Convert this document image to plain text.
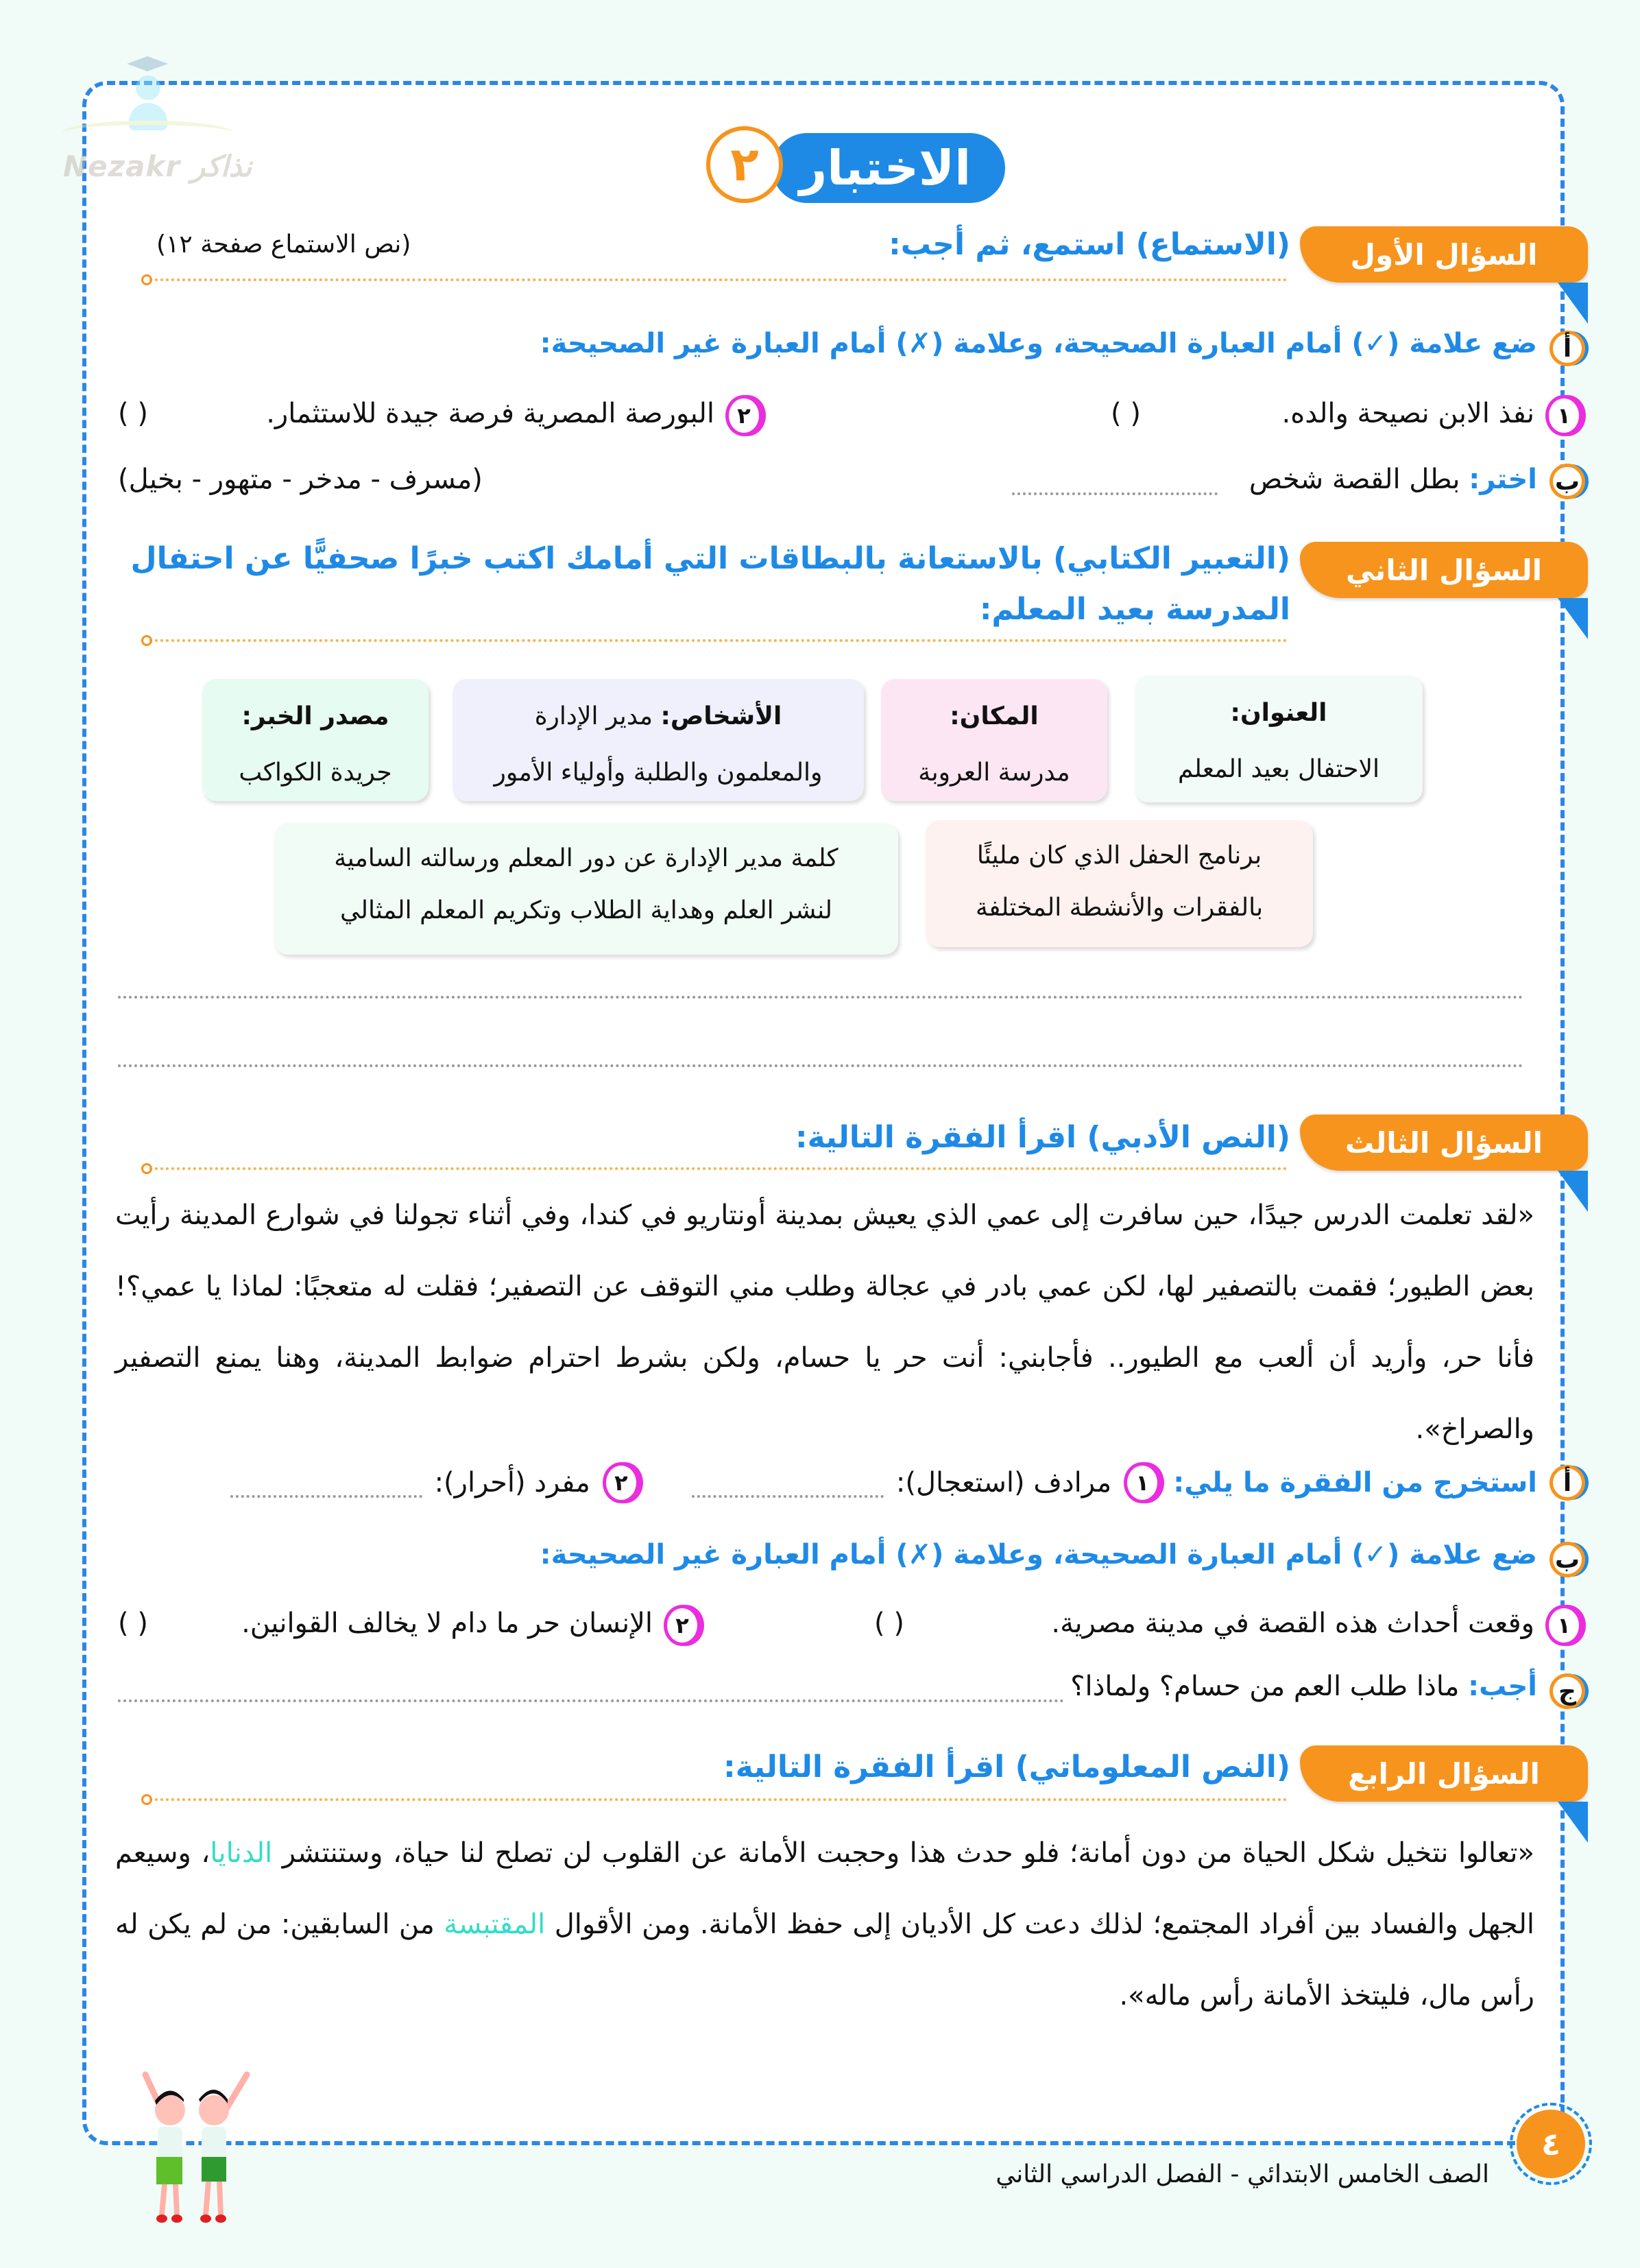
Nezakr نذاكر	الاختبار
٢
السؤال الأول
(الاستماع) استمع، ثم أجب:
(نص الاستماع صفحة ١٢)
أ
ضع علامة (✓) أمام العبارة الصحيحة، وعلامة (✗) أمام العبارة غير الصحيحة:
١
نفذ الابن نصيحة والده.
( )
٢
البورصة المصرية فرصة جيدة للاستثمار.
( )
ب
اختر: بطل القصة شخص
(مسرف - مدخر - متهور - بخيل)
السؤال الثاني
(التعبير الكتابي) بالاستعانة بالبطاقات التي أمامك اكتب خبرًا صحفيًّا عن احتفال
المدرسة بعيد المعلم:
العنوان:
الاحتفال بعيد المعلم
المكان:
مدرسة العروبة
الأشخاص: مدير الإدارة
والمعلمون والطلبة وأولياء الأمور
مصدر الخبر:
جريدة الكواكب
برنامج الحفل الذي كان مليئًا
بالفقرات والأنشطة المختلفة
كلمة مدير الإدارة عن دور المعلم ورسالته السامية
لنشر العلم وهداية الطلاب وتكريم المعلم المثالي
السؤال الثالث
(النص الأدبي) اقرأ الفقرة التالية:
«لقد تعلمت الدرس جيدًا، حين سافرت إلى عمي الذي يعيش بمدينة أونتاريو في كندا، وفي أثناء تجولنا في شوارع المدينة رأيت بعض الطيور؛ فقمت بالتصفير لها، لكن عمي بادر في عجالة وطلب مني التوقف عن التصفير؛ فقلت له متعجبًا: لماذا يا عمي؟! فأنا حر، وأريد أن ألعب مع الطيور.. فأجابني: أنت حر يا حسام، ولكن بشرط احترام ضوابط المدينة، وهنا يمنع التصفير والصراخ».
أ
استخرج من الفقرة ما يلي:
١
مرادف (استعجال):
٢
مفرد (أحرار):
ب
ضع علامة (✓) أمام العبارة الصحيحة، وعلامة (✗) أمام العبارة غير الصحيحة:
١
وقعت أحداث هذه القصة في مدينة مصرية.
( )
٢
الإنسان حر ما دام لا يخالف القوانين.
( )
ج
أجب: ماذا طلب العم من حسام؟ ولماذا؟
السؤال الرابع
(النص المعلوماتي) اقرأ الفقرة التالية:
«تعالوا نتخيل شكل الحياة من دون أمانة؛ فلو حدث هذا وحجبت الأمانة عن القلوب لن تصلح لنا حياة، وستنتشر الدنايا، وسيعم الجهل والفساد بين أفراد المجتمع؛ لذلك دعت كل الأديان إلى حفظ الأمانة. ومن الأقوال المقتبسة من السابقين: من لم يكن له رأس مال، فليتخذ الأمانة رأس ماله».
٤
الصف الخامس الابتدائي - الفصل الدراسي الثاني
